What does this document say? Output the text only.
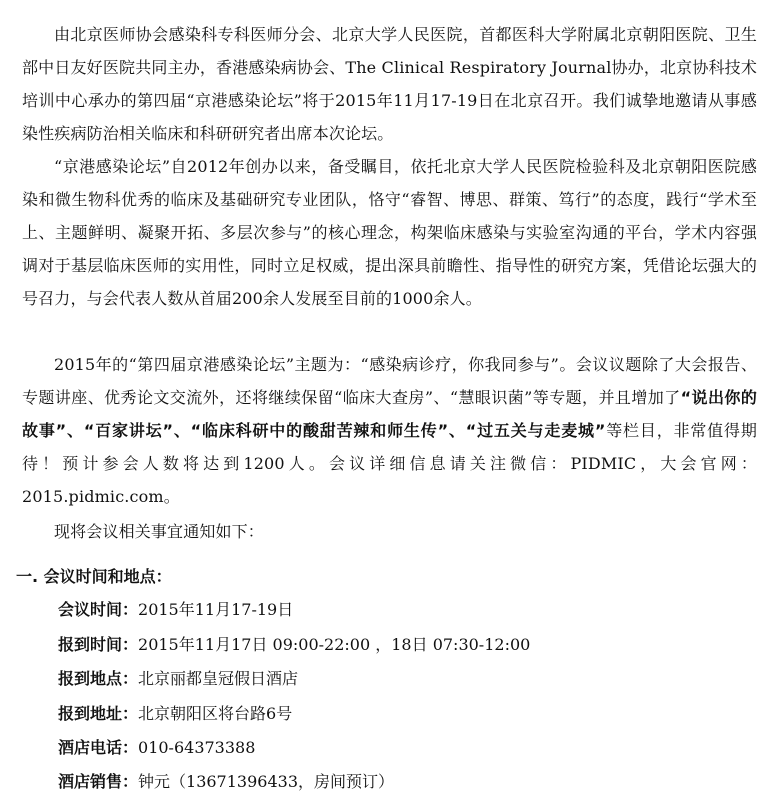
由北京医师协会感染科专科医师分会、北京大学人民医院，首都医科大学附属北京朝阳医院、卫生部中日友好医院共同主办，香港感染病协会、The Clinical Respiratory Journal协办，北京协科技术培训中心承办的第四届“京港感染论坛”将于2015年11月17-19日在北京召开。我们诚挚地邀请从事感染性疾病防治相关临床和科研研究者出席本次论坛。

“京港感染论坛”自2012年创办以来，备受瞩目，依托北京大学人民医院检验科及北京朝阳医院感染和微生物科优秀的临床及基础研究专业团队，恪守“睿智、博思、群策、笃行”的态度，践行“学术至上、主题鲜明、凝聚开拓、多层次参与”的核心理念，构架临床感染与实验室沟通的平台，学术内容强调对于基层临床医师的实用性，同时立足权威，提出深具前瞻性、指导性的研究方案，凭借论坛强大的号召力，与会代表人数从首届200余人发展至目前的1000余人。

2015年的“第四届京港感染论坛”主题为：“感染病诊疗，你我同参与”。会议议题除了大会报告、专题讲座、优秀论文交流外，还将继续保留“临床大查房”、“慧眼识菌”等专题，并且增加了“说出你的故事”、“百家讲坛”、“临床科研中的酸甜苦辣和师生传”、“过五关与走麦城”等栏目，非常值得期待！预计参会人数将达到1200人。会议详细信息请关注微信：PIDMIC，大会官网：2015.pidmic.com。

现将会议相关事宜通知如下：

一. 会议时间和地点：

会议时间：2015年11月17-19日

报到时间：2015年11月17日 09:00-22:00 ，18日 07:30-12:00

报到地点：北京丽都皇冠假日酒店

报到地址：北京朝阳区将台路6号

酒店电话：010-64373388

酒店销售：钟元（13671396433，房间预订）
